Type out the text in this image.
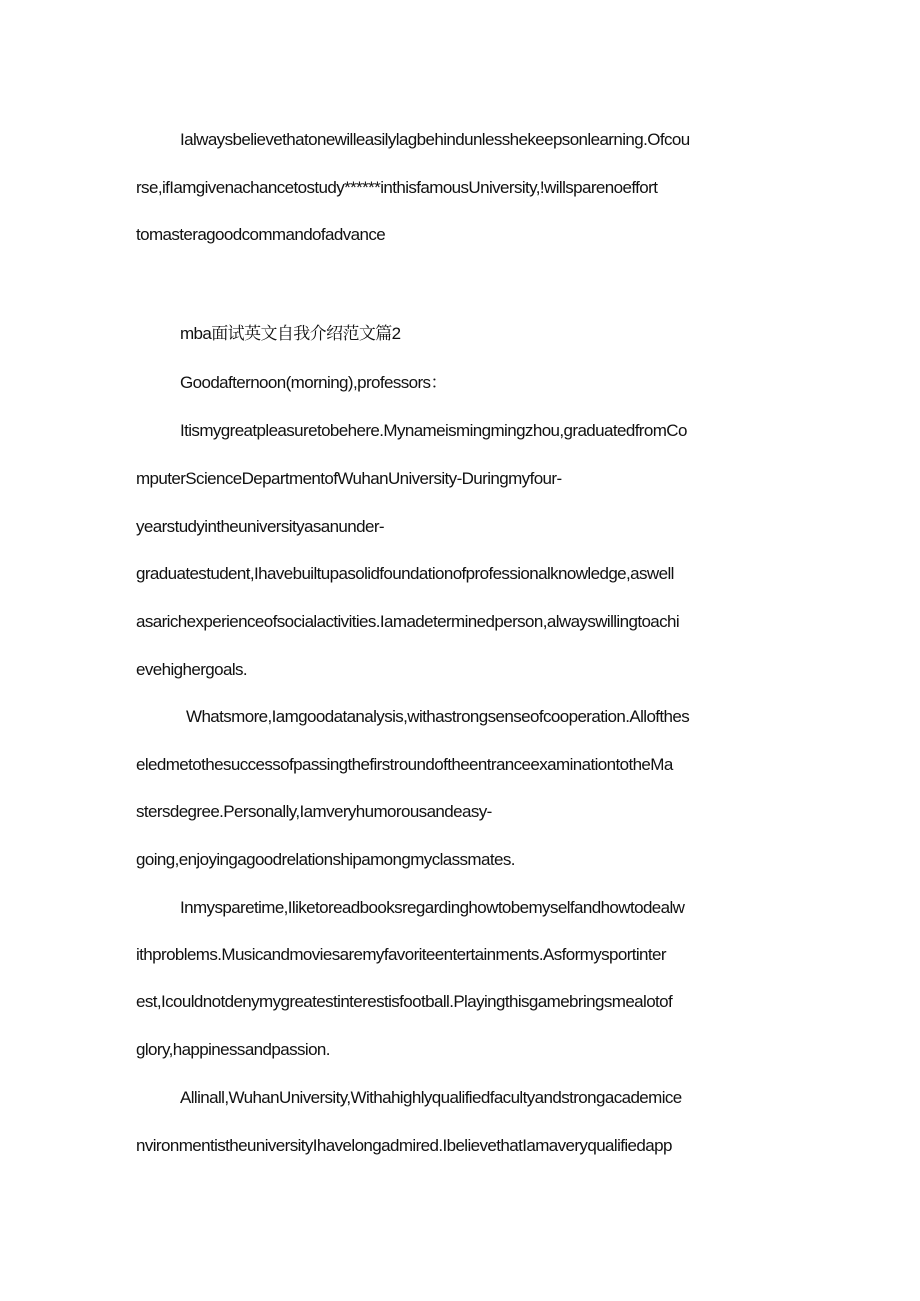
Ialwaysbelievethatonewilleasilylagbehindunlesshekeepsonlearning.Ofcou
rse,ifIamgivenachancetostudy******inthisfamousUniversity,!willsparenoeffort
tomasteragoodcommandofadvance
mba面试英文自我介绍范文篇2
Goodafternoon(morning),professors：
Itismygreatpleasuretobehere.Mynameismingmingzhou,graduatedfromCo
mputerScienceDepartmentofWuhanUniversity-Duringmyfour-
yearstudyintheuniversityasanunder-
graduatestudent,Ihavebuiltupasolidfoundationofprofessionalknowledge,aswell
asarichexperienceofsocialactivities.Iamadeterminedperson,alwayswillingtoachi
evehighergoals.
Whatsmore,Iamgoodatanalysis,withastrongsenseofcooperation.Allofthes
eledmetothesuccessofpassingthefirstroundoftheentranceexaminationtotheMa
stersdegree.Personally,Iamveryhumorousandeasy-
going,enjoyingagoodrelationshipamongmyclassmates.
Inmysparetime,Iliketoreadbooksregardinghowtobemyselfandhowtodealw
ithproblems.Musicandmoviesaremyfavoriteentertainments.Asformysportinter
est,Icouldnotdenymygreatestinterestisfootball.Playingthisgamebringsmealotof
glory,happinessandpassion.
Allinall,WuhanUniversity,Withahighlyqualifiedfacultyandstrongacademice
nvironmentistheuniversityIhavelongadmired.IbelievethatIamaveryqualifiedapp
